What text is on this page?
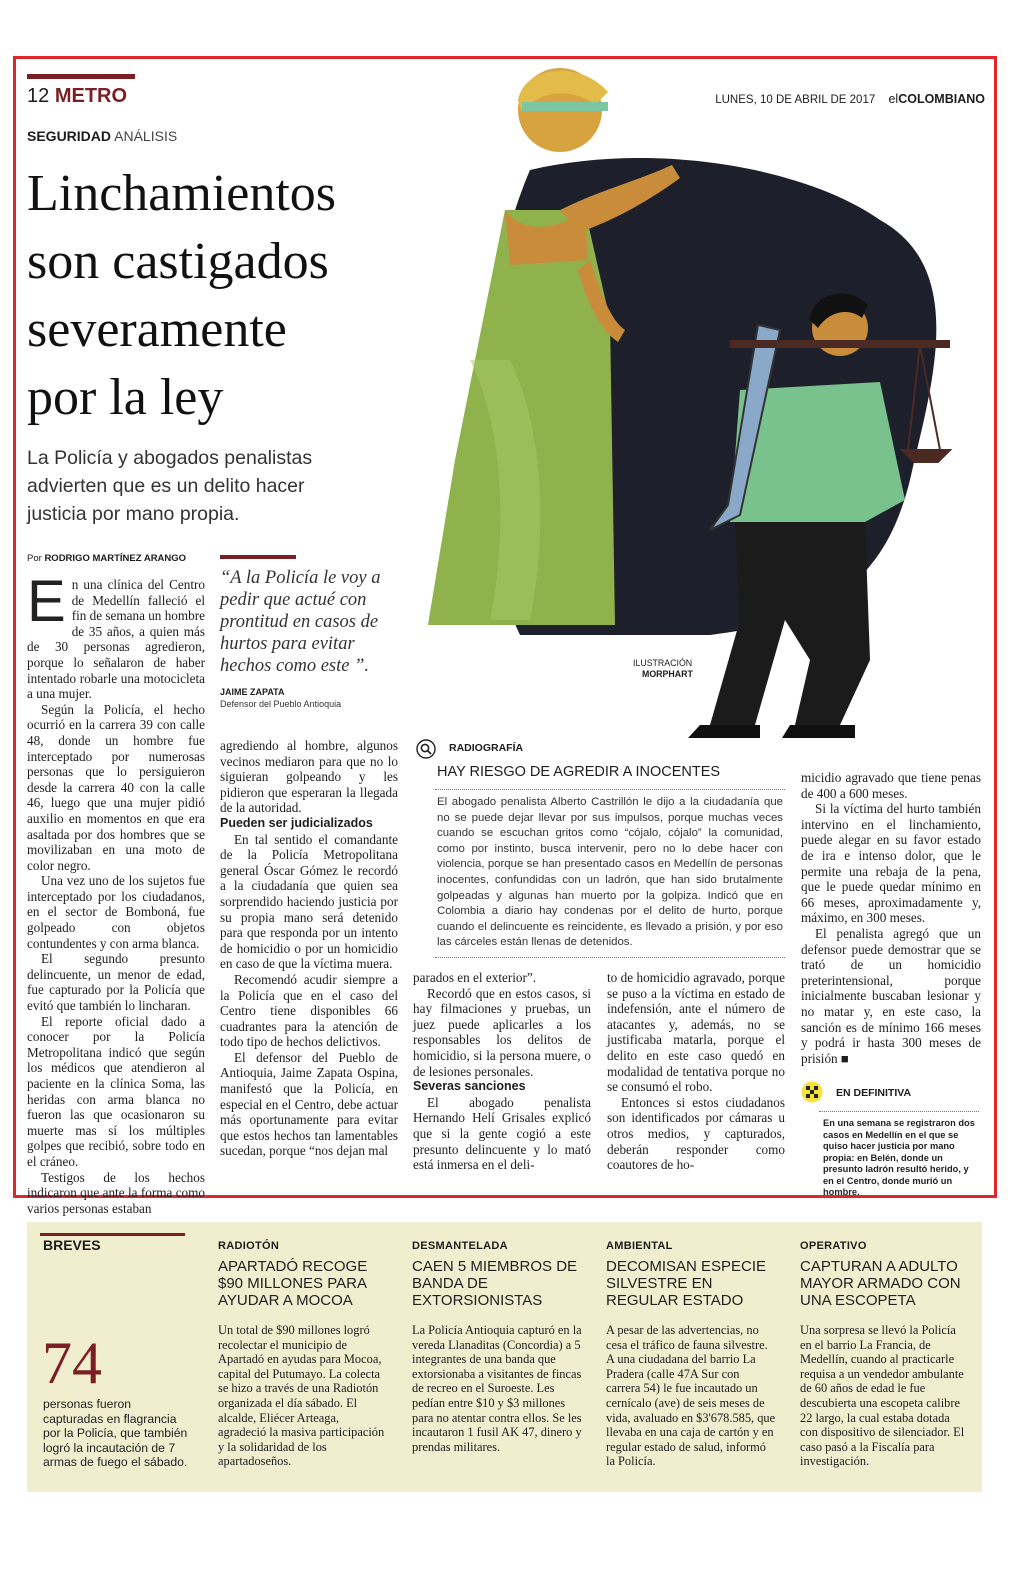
12 METRO	LUNES, 10 DE ABRIL DE 2017 elCOLOMBIANO
SEGURIDAD ANÁLISIS
Linchamientos
son castigados
severamente
por la ley
La Policía y abogados penalistas
advierten que es un delito hacer
justicia por mano propia.
Por RODRIGO MARTÍNEZ ARANGO
ILUSTRACIÓN
MORPHART
“A la Policía le voy a pedir que actué con prontitud en casos de hurtos para evitar hechos como este ”.
JAIME ZAPATA
Defensor del Pueblo Antioquia

En una clínica del Centro de Medellín falleció el fin de semana un hombre de 35 años, a quien más de 30 personas agredieron, porque lo señalaron de haber intentado robarle una motocicleta a una mujer.

Según la Policía, el hecho ocurrió en la carrera 39 con calle 48, donde un hombre fue interceptado por numerosas personas que lo persiguieron desde la carrera 40 con la calle 46, luego que una mujer pidió auxilio en momentos en que era asaltada por dos hombres que se movilizaban en una moto de color negro.

Una vez uno de los sujetos fue interceptado por los ciudadanos, en el sector de Bomboná, fue golpeado con objetos contundentes y con arma blanca.

El segundo presunto delincuente, un menor de edad, fue capturado por la Policía que evitó que también lo lincharan.

El reporte oficial dado a conocer por la Policía Metropolitana indicó que según los médicos que atendieron al paciente en la clínica Soma, las heridas con arma blanca no fueron las que ocasionaron su muerte mas sí los múltiples golpes que recibió, sobre todo en el cráneo.

Testigos de los hechos indicaron que ante la forma como varios personas estaban

agrediendo al hombre, algunos vecinos mediaron para que no lo siguieran golpeando y les pidieron que esperaran la llegada de la autoridad.

Pueden ser judicializados

En tal sentido el comandante de la Policía Metropolitana general Óscar Gómez le recordó a la ciudadanía que quien sea sorprendido haciendo justicia por su propia mano será detenido para que responda por un intento de homicidio o por un homicidio en caso de que la víctima muera.

Recomendó acudir siempre a la Policía que en el caso del Centro tiene disponibles 66 cuadrantes para la atención de todo tipo de hechos delictivos.

El defensor del Pueblo de Antioquia, Jaime Zapata Ospina, manifestó que la Policía, en especial en el Centro, debe actuar más oportunamente para evitar que estos hechos tan lamentables sucedan, porque “nos dejan mal

RADIOGRAFÍA
HAY RIESGO DE AGREDIR A INOCENTES
El abogado penalista Alberto Castrillón le dijo a la ciudadanía que no se puede dejar llevar por sus impulsos, porque muchas veces cuando se escuchan gritos como “cójalo, cójalo” la comunidad, como por instinto, busca intervenir, pero no lo debe hacer con violencia, porque se han presentado casos en Medellín de personas inocentes, confundidas con un ladrón, que han sido brutalmente golpeadas y algunas han muerto por la golpiza. Indicó que en Colombia a diario hay condenas por el delito de hurto, porque cuando el delincuente es reincidente, es llevado a prisión, y por eso las cárceles están llenas de detenidos.

parados en el exterior”.

Recordó que en estos casos, si hay filmaciones y pruebas, un juez puede aplicarles a los responsables los delitos de homicidio, si la persona muere, o de lesiones personales.

Severas sanciones

El abogado penalista Hernando Helí Grisales explicó que si la gente cogió a este presunto delincuente y lo mató está inmersa en el deli-

to de homicidio agravado, porque se puso a la víctima en estado de indefensión, ante el número de atacantes y, además, no se justificaba matarla, porque el delito en este caso quedó en modalidad de tentativa porque no se consumó el robo.

Entonces si estos ciudadanos son identificados por cámaras u otros medios, y capturados, deberán responder como coautores de ho-

micidio agravado que tiene penas de 400 a 600 meses.

Si la víctima del hurto también intervino en el linchamiento, puede alegar en su favor estado de ira e intenso dolor, que le permite una rebaja de la pena, que le puede quedar mínimo en 66 meses, aproximadamente y, máximo, en 300 meses.

El penalista agregó que un defensor puede demostrar que se trató de un homicidio preterintensional, porque inicialmente buscaban lesionar y no matar y, en este caso, la sanción es de mínimo 166 meses y podrá ir hasta 300 meses de prisión ■

EN DEFINITIVA
En una semana se registraron dos casos en Medellín en el que se quiso hacer justicia por mano propia: en Belén, donde un presunto ladrón resultó herido, y en el Centro, donde murió un hombre.
BREVES
74
personas fueron capturadas en flagrancia por la Policía, que también logró la incautación de 7 armas de fuego el sábado.
RADIOTÓN
APARTADÓ RECOGE $90 MILLONES PARA AYUDAR A MOCOA
Un total de $90 millones logró recolectar el municipio de Apartadó en ayudas para Mocoa, capital del Putumayo. La colecta se hizo a través de una Radiotón organizada el día sábado. El alcalde, Eliécer Arteaga, agradeció la masiva participación y la solidaridad de los apartadoseños.
DESMANTELADA
CAEN 5 MIEMBROS DE BANDA DE EXTORSIONISTAS
La Policía Antioquia capturó en la vereda Llanaditas (Concordia) a 5 integrantes de una banda que extorsionaba a visitantes de fincas de recreo en el Suroeste. Les pedían entre $10 y $3 millones para no atentar contra ellos. Se les incautaron 1 fusil AK 47, dinero y prendas militares.
AMBIENTAL
DECOMISAN ESPECIE SILVESTRE EN REGULAR ESTADO
A pesar de las advertencias, no cesa el tráfico de fauna silvestre. A una ciudadana del barrio La Pradera (calle 47A Sur con carrera 54) le fue incautado un cernícalo (ave) de seis meses de vida, avaluado en $3'678.585, que llevaba en una caja de cartón y en regular estado de salud, informó la Policía.
OPERATIVO
CAPTURAN A ADULTO MAYOR ARMADO CON UNA ESCOPETA
Una sorpresa se llevó la Policía en el barrio La Francia, de Medellín, cuando al practicarle requisa a un vendedor ambulante de 60 años de edad le fue descubierta una escopeta calibre 22 largo, la cual estaba dotada con dispositivo de silenciador. El caso pasó a la Fiscalía para investigación.
